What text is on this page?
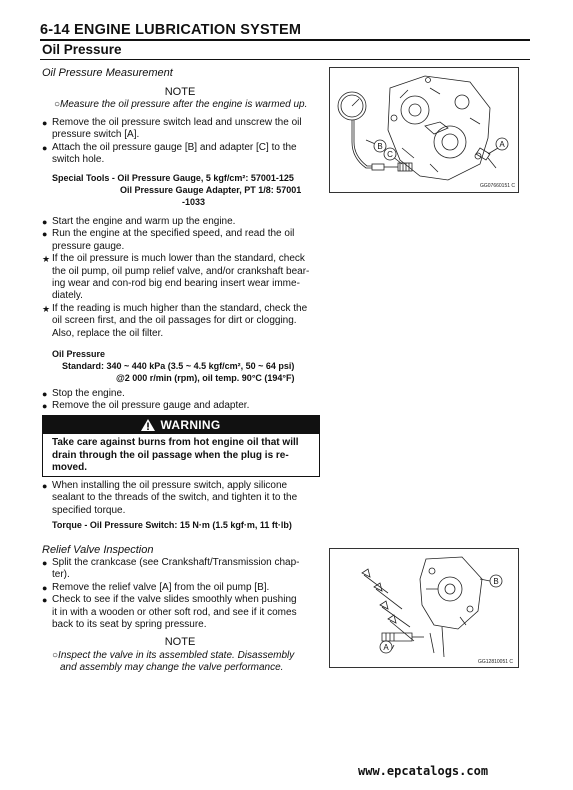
6-14 ENGINE LUBRICATION SYSTEM
Oil Pressure
Oil Pressure Measurement
NOTE
○Measure the oil pressure after the engine is warmed up.
● Remove the oil pressure switch lead and unscrew the oil
pressure switch [A].
● Attach the oil pressure gauge [B] and adapter [C] to the
switch hole.
Special Tools - Oil Pressure Gauge, 5 kgf/cm²: 57001-125
Oil Pressure Gauge Adapter, PT 1/8: 57001
-1033
● Start the engine and warm up the engine.
● Run the engine at the specified speed, and read the oil
pressure gauge.
★ If the oil pressure is much lower than the standard, check
the oil pump, oil pump relief valve, and/or crankshaft bear-
ing wear and con-rod big end bearing insert wear imme-
diately.
★ If the reading is much higher than the standard, check the
oil screen first, and the oil passages for dirt or clogging.
Also, replace the oil filter.
Oil Pressure
Standard: 340 ~ 440 kPa (3.5 ~ 4.5 kgf/cm², 50 ~ 64 psi)
@2 000 r/min (rpm), oil temp. 90°C (194°F)
● Stop the engine.
● Remove the oil pressure gauge and adapter.
WARNING
Take care against burns from hot engine oil that will
drain through the oil passage when the plug is re-
moved.
● When installing the oil pressure switch, apply silicone
sealant to the threads of the switch, and tighten it to the
specified torque.
Torque - Oil Pressure Switch: 15 N·m (1.5 kgf·m, 11 ft·lb)
Relief Valve Inspection
● Split the crankcase (see Crankshaft/Transmission chap-
ter).
● Remove the relief valve [A] from the oil pump [B].
● Check to see if the valve slides smoothly when pushing
it in with a wooden or other soft rod, and see if it comes
back to its seat by spring pressure.
NOTE
○Inspect the valve in its assembled state. Disassembly
and assembly may change the valve performance.
B
C
A
GG07660151 C
A
B
GG12810051 C
www.epcatalogs.com
